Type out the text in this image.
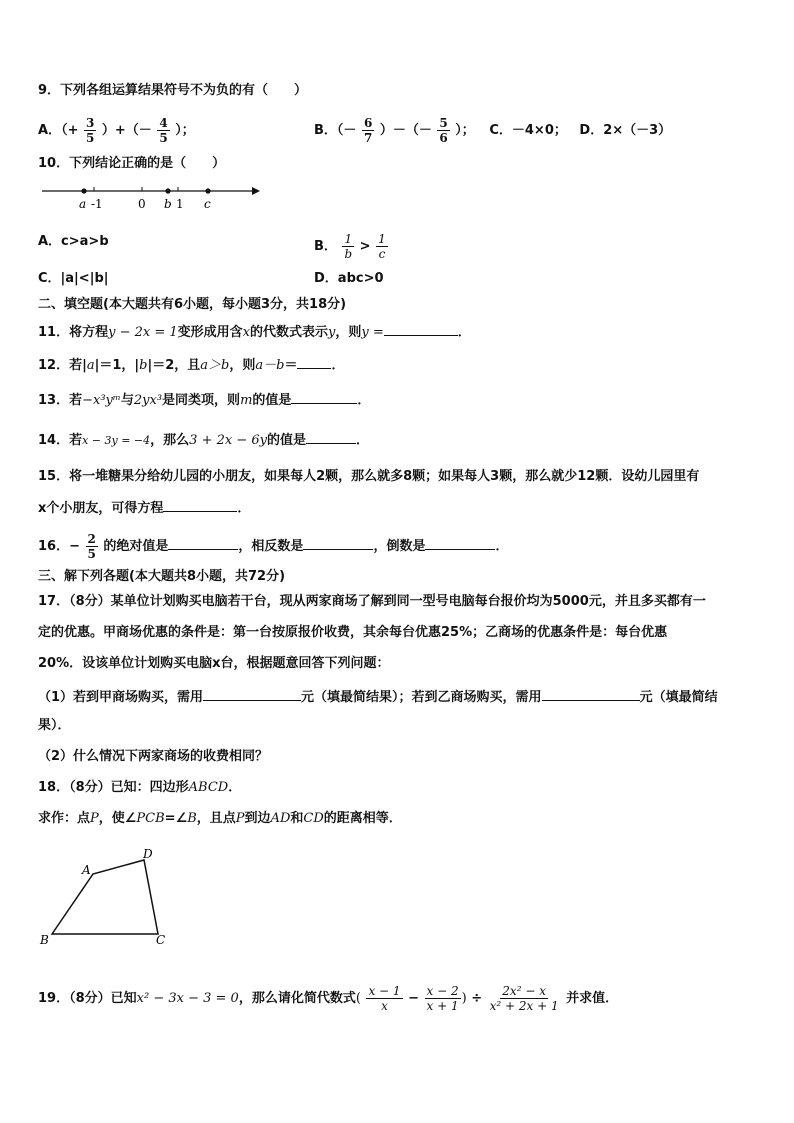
9．下列各组运算结果符号不为负的有（　　）
A．（+ $\frac{3}{5}$ ）+（－ $\frac{4}{5}$ ）；	B．（－ $\frac{6}{7}$ ）－（－ $\frac{5}{6}$ ）； C．－4×0； D．2×（－3）
10．下列结论正确的是（　　）
a -1	0 b 1 c
A．c>a>b	B． $\frac{1}{b} > \frac{1}{c}$
C．|a|<|b|	D．abc>0
二、填空题(本大题共有6小题，每小题3分，共18分)
11．将方程y − 2x = 1变形成用含x的代数式表示y，则y =	．
12．若|a|＝1，|b|＝2，且a＞b，则a－b＝	．
13．若−x³yᵐ与2yx³是同类项，则m的值是	．
14．若x − 3y = −4，那么3 + 2x − 6y的值是	．
15．将一堆糖果分给幼儿园的小朋友，如果每人2颗，那么就多8颗；如果每人3颗，那么就少12颗．设幼儿园里有
x个小朋友，可得方程	．
16．− $\frac{2}{5}$ 的绝对值是	，相反数是	，倒数是	．
三、解下列各题(本大题共8小题，共72分)
17．（8分）某单位计划购买电脑若干台，现从两家商场了解到同一型号电脑每台报价均为5000元，并且多买都有一
定的优惠。甲商场优惠的条件是：第一台按原报价收费，其余每台优惠25%；乙商场的优惠条件是：每台优惠
20%．设该单位计划购买电脑x台，根据题意回答下列问题：
（1）若到甲商场购买，需用	元（填最简结果）；若到乙商场购买，需用	元（填最简结
果）．
（2）什么情况下两家商场的收费相同？
18．（8分）已知：四边形ABCD．
求作：点P，使∠PCB=∠B，且点P到边AD和CD的距离相等．
A
B	C
D
19．（8分）已知x² − 3x − 3 = 0，那么请化简代数式( $\frac{x - 1}{x} - \frac{x - 2}{x + 1}$ ) ÷ $\frac{\text{2x² − x}}{\text{x² + 2x + 1}}$ 并求值．
